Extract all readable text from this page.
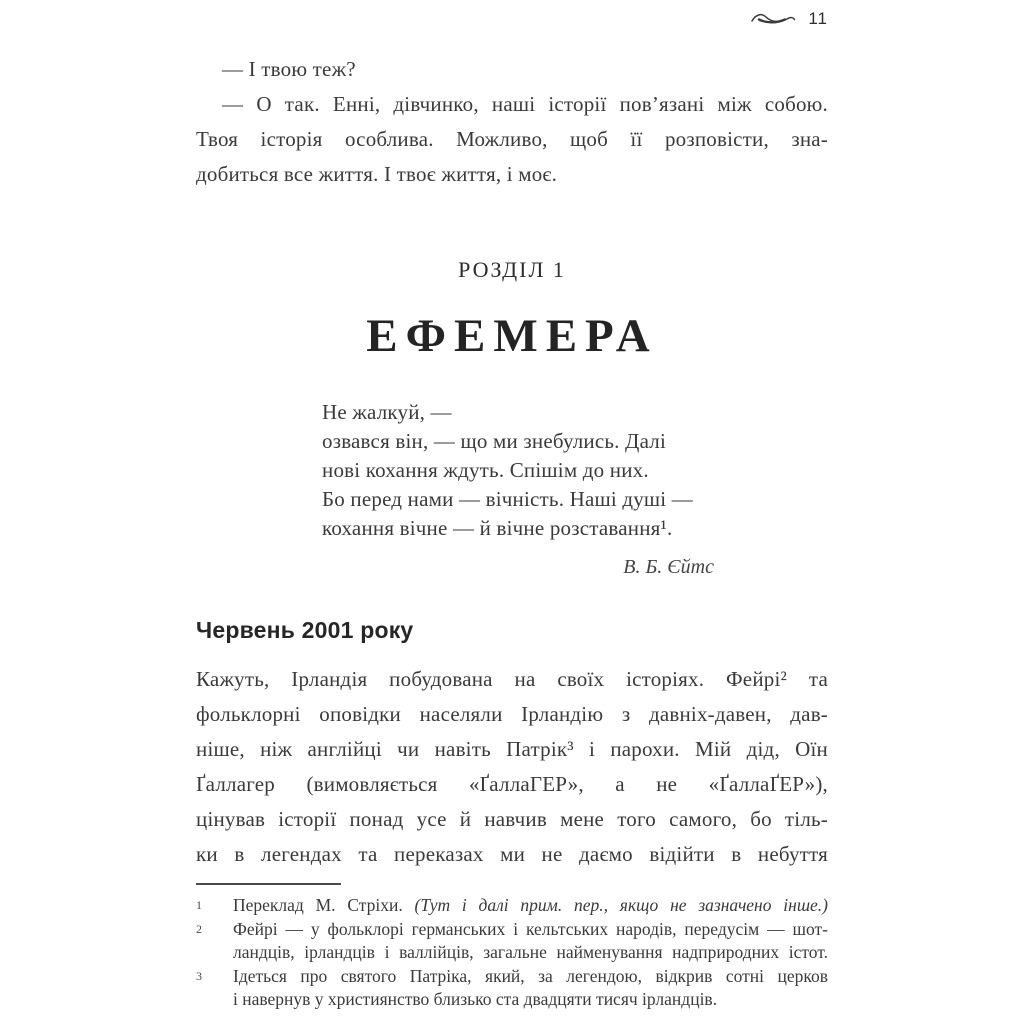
11
— І твою теж?
— О так. Енні, дівчинко, наші історії пов’язані між собою.
Твоя історія особлива. Можливо, щоб її розповісти, зна-
добиться все життя. І твоє життя, і моє.
РОЗДІЛ 1
ЕФЕМЕРА
Не жалкуй, —
озвався він, — що ми знебулись. Далі
нові кохання ждуть. Спішім до них.
Бо перед нами — вічність. Наші душі —
кохання вічне — й вічне розставання¹.
В. Б. Єйтс
Червень 2001 року
Кажуть, Ірландія побудована на своїх історіях. Фейрі² та
фольклорні оповідки населяли Ірландію з давніх-давен, дав-
ніше, ніж англійці чи навіть Патрік³ і парохи. Мій дід, Оїн
Ґаллагер (вимовляється «ҐаллаГЕР», а не «ҐаллаҐЕР»),
цінував історії понад усе й навчив мене того самого, бо тіль-
ки в легендах та переказах ми не даємо відійти в небуття
1	Переклад М. Стріхи. (Тут і далі прим. пер., якщо не зазначено інше.)
2	Фейрі — у фольклорі германських і кельтських народів, передусім — шот-
ландців, ірландців і валлійців, загальне найменування надприродних істот.
3	Ідеться про святого Патріка, який, за легендою, відкрив сотні церков
і навернув у християнство близько ста двадцяти тисяч ірландців.
